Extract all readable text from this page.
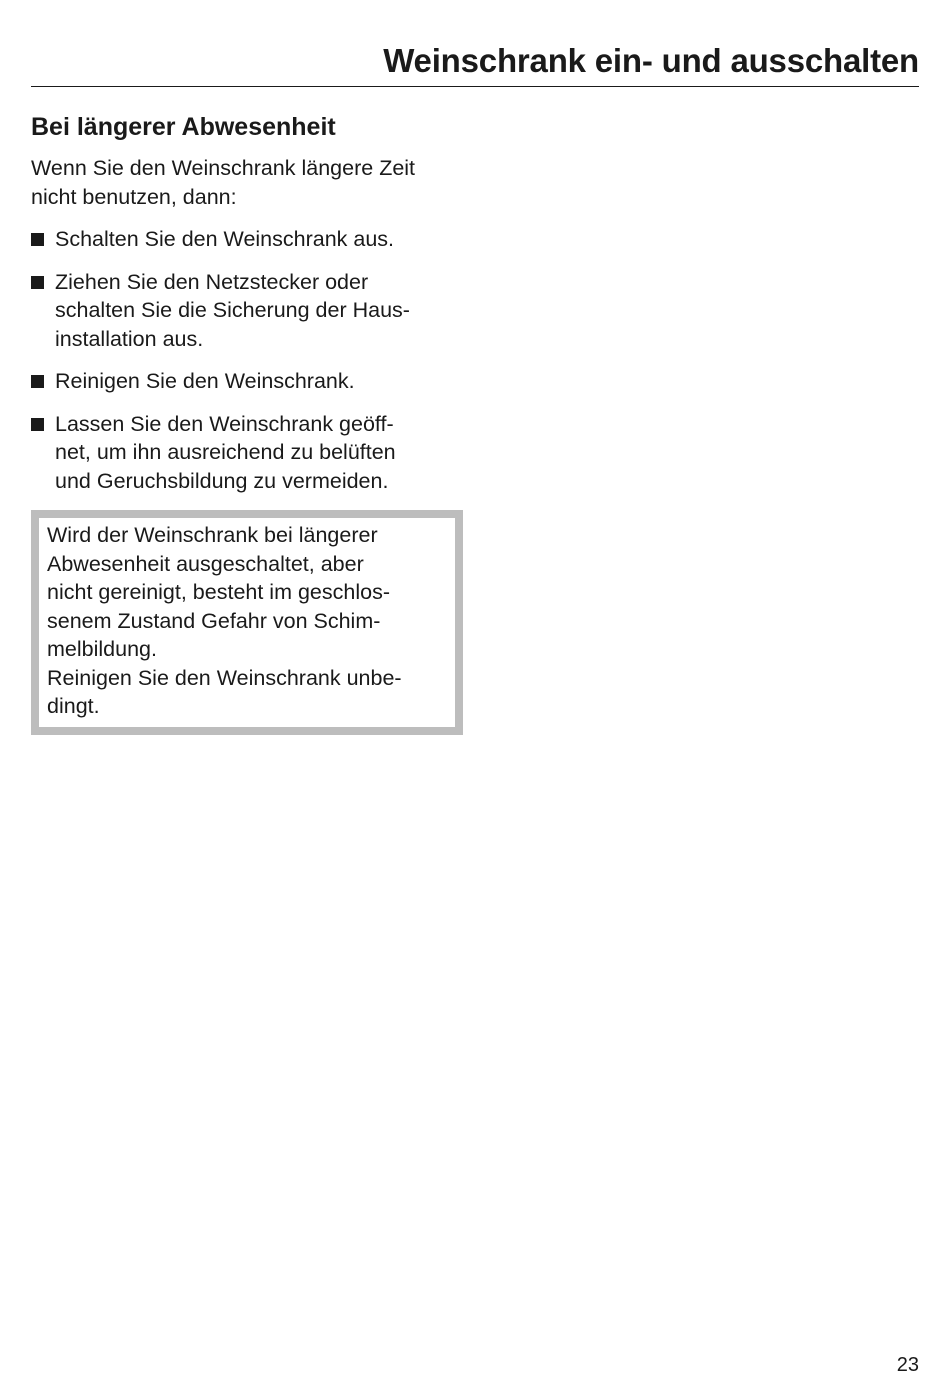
Weinschrank ein- und ausschalten
Bei längerer Abwesenheit

Wenn Sie den Weinschrank längere Zeit
nicht benutzen, dann:

Schalten Sie den Weinschrank aus.
Ziehen Sie den Netzstecker oder
schalten Sie die Sicherung der Haus-
installation aus.
Reinigen Sie den Weinschrank.
Lassen Sie den Weinschrank geöff-
net, um ihn ausreichend zu belüften
und Geruchsbildung zu vermeiden.

Wird der Weinschrank bei längerer
Abwesenheit ausgeschaltet, aber
nicht gereinigt, besteht im geschlos-
senem Zustand Gefahr von Schim-
melbildung.

Reinigen Sie den Weinschrank unbe-
dingt.

23
